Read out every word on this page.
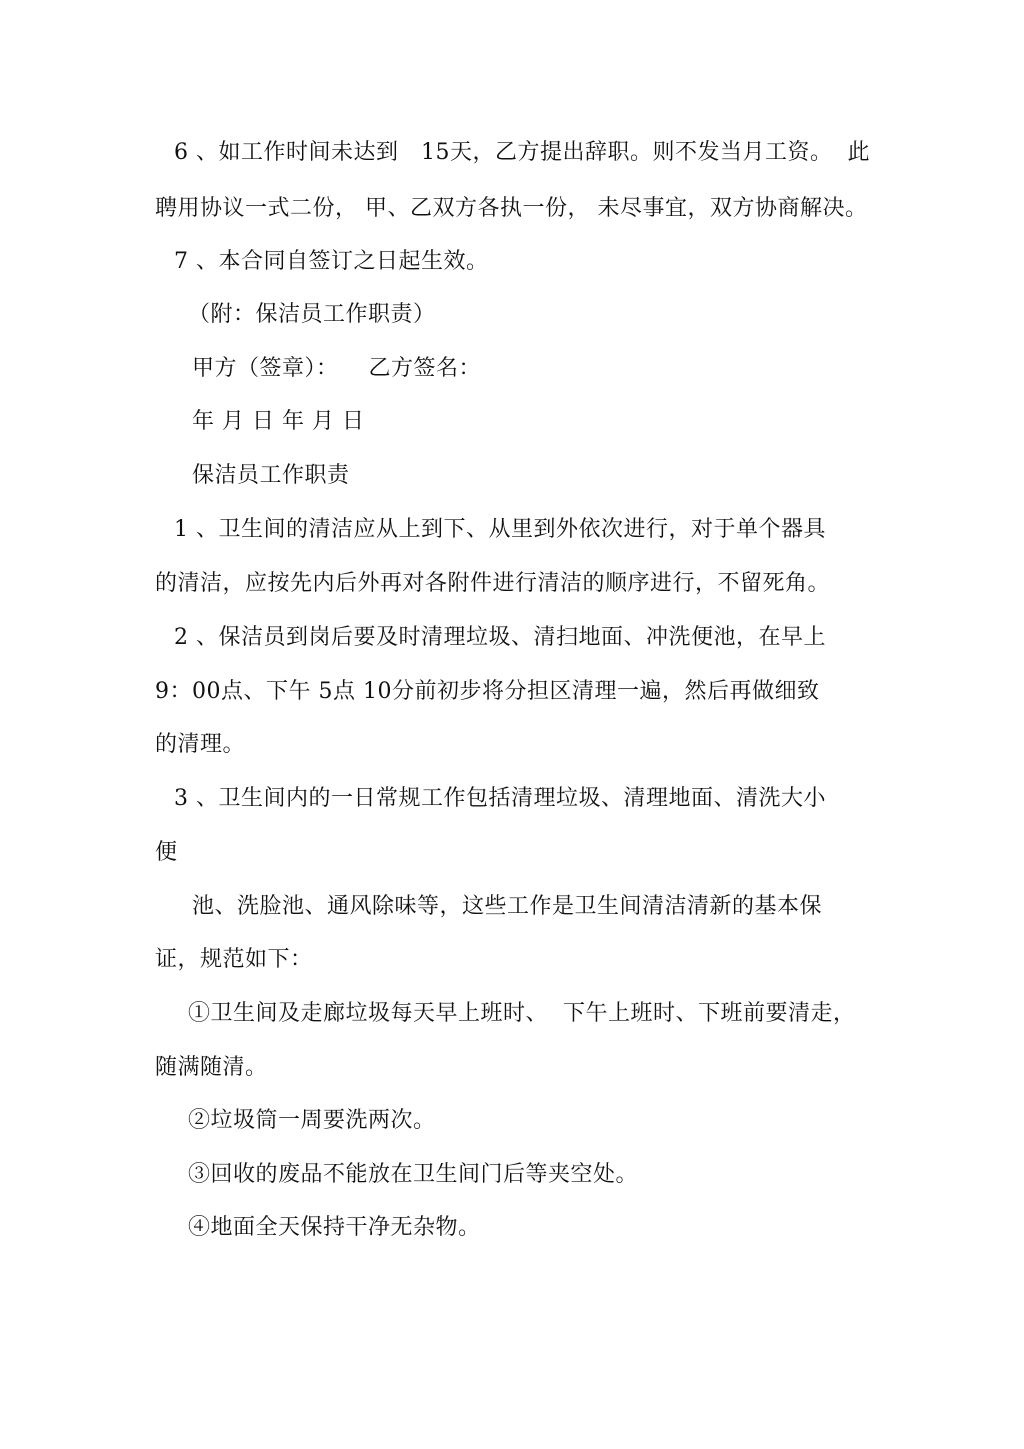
6 、如工作时间未达到   15天，乙方提出辞职。则不发当月工资。  此
聘用协议一式二份， 甲、乙双方各执一份， 未尽事宜，双方协商解决。
7 、本合同自签订之日起生效。
（附：保洁员工作职责）
甲方（签章）：    乙方签名：
年 月 日 年 月 日
保洁员工作职责
1 、卫生间的清洁应从上到下、从里到外依次进行，对于单个器具
的清洁，应按先内后外再对各附件进行清洁的顺序进行，不留死角。
2 、保洁员到岗后要及时清理垃圾、清扫地面、冲洗便池，在早上
9：00点、下午 5点 10分前初步将分担区清理一遍，然后再做细致
的清理。
3 、卫生间内的一日常规工作包括清理垃圾、清理地面、清洗大小
便
池、洗脸池、通风除味等，这些工作是卫生间清洁清新的基本保
证，规范如下：
①卫生间及走廊垃圾每天早上班时、  下午上班时、下班前要清走，
随满随清。
②垃圾筒一周要洗两次。
③回收的废品不能放在卫生间门后等夹空处。
④地面全天保持干净无杂物。
